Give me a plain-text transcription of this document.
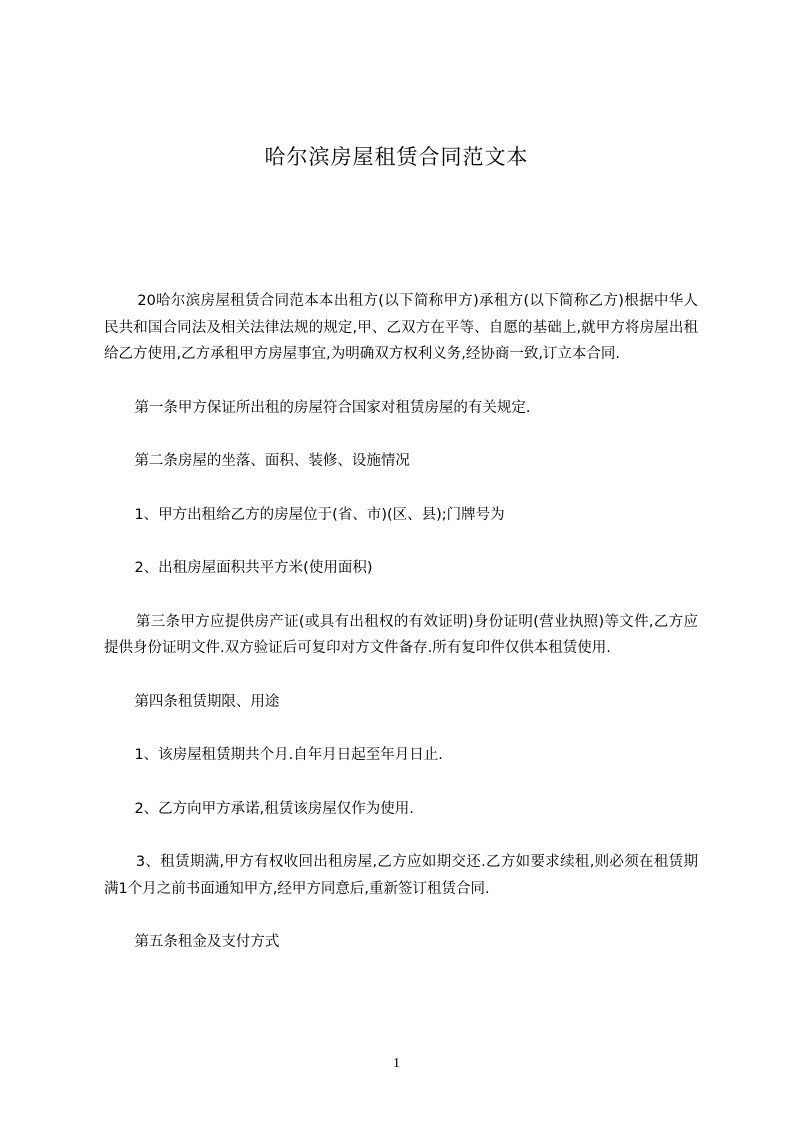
哈尔滨房屋租赁合同范文本

20哈尔滨房屋租赁合同范本本出租方(以下简称甲方)承租方(以下简称乙方)根据中华人民共和国合同法及相关法律法规的规定,甲、乙双方在平等、自愿的基础上,就甲方将房屋出租给乙方使用,乙方承租甲方房屋事宜,为明确双方权利义务,经协商一致,订立本合同.

第一条甲方保证所出租的房屋符合国家对租赁房屋的有关规定.

第二条房屋的坐落、面积、装修、设施情况

1、甲方出租给乙方的房屋位于(省、市)(区、县);门牌号为

2、出租房屋面积共平方米(使用面积)

第三条甲方应提供房产证(或具有出租权的有效证明)身份证明(营业执照)等文件,乙方应提供身份证明文件.双方验证后可复印对方文件备存.所有复印件仅供本租赁使用.

第四条租赁期限、用途

1、该房屋租赁期共个月.自年月日起至年月日止.

2、乙方向甲方承诺,租赁该房屋仅作为使用.

3、租赁期满,甲方有权收回出租房屋,乙方应如期交还.乙方如要求续租,则必须在租赁期满1个月之前书面通知甲方,经甲方同意后,重新签订租赁合同.

第五条租金及支付方式

1
